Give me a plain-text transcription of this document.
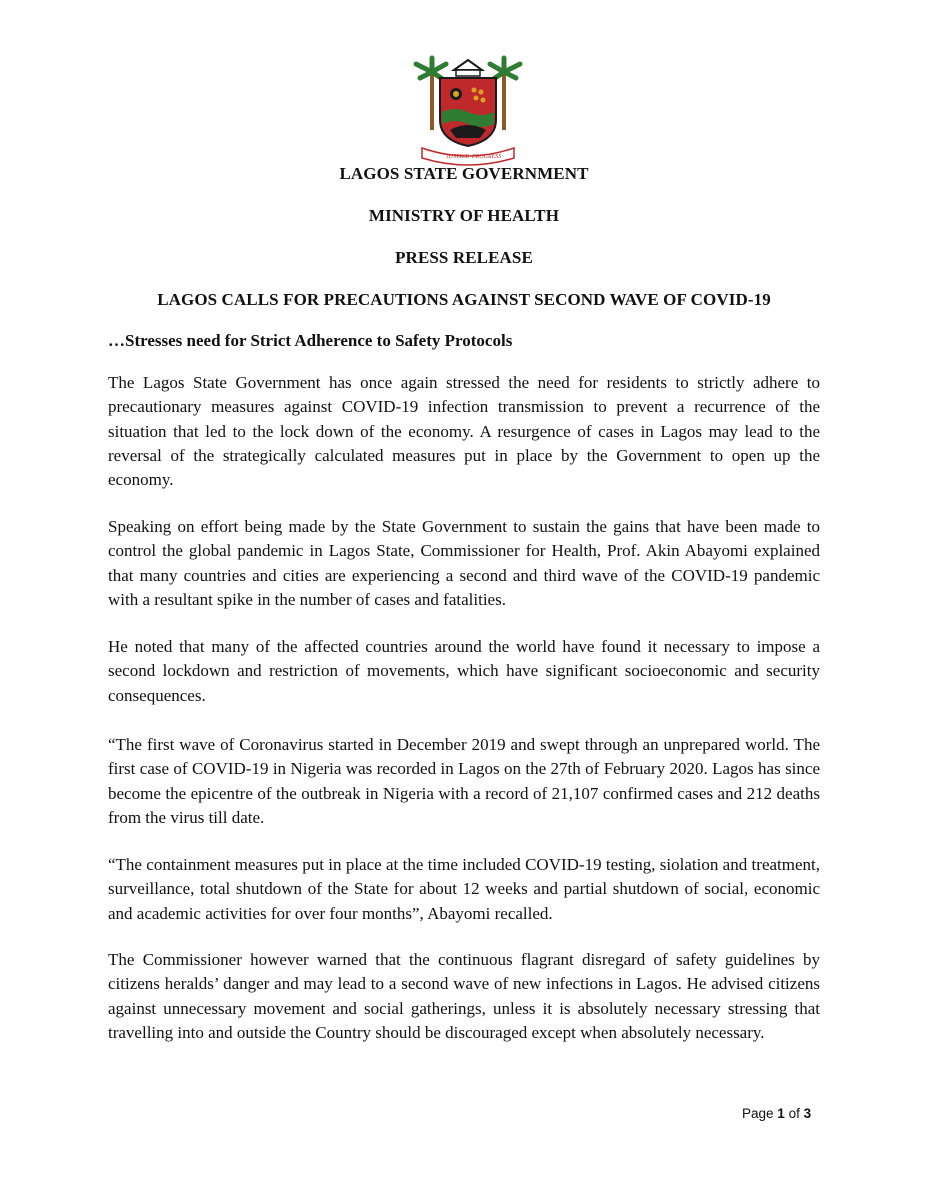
JUSTICE PROGRESS
LAGOS STATE GOVERNMENT
MINISTRY OF HEALTH
PRESS RELEASE
LAGOS CALLS FOR PRECAUTIONS AGAINST SECOND WAVE OF COVID-19
…Stresses need for Strict Adherence to Safety Protocols

The Lagos State Government has once again stressed the need for residents to strictly adhere to precautionary measures against COVID-19 infection transmission to prevent a recurrence of the situation that led to the lock down of the economy. A resurgence of cases in Lagos may lead to the reversal of the strategically calculated measures put in place by the Government to open up the economy.

Speaking on effort being made by the State Government to sustain the gains that have been made to control the global pandemic in Lagos State, Commissioner for Health, Prof. Akin Abayomi explained that many countries and cities are experiencing a second and third wave of the COVID-19 pandemic with a resultant spike in the number of cases and fatalities.

He noted that many of the affected countries around the world have found it necessary to impose a second lockdown and restriction of movements, which have significant socioeconomic and security consequences.

“The first wave of Coronavirus started in December 2019 and swept through an unprepared world. The first case of COVID-19 in Nigeria was recorded in Lagos on the 27th of February 2020. Lagos has since become the epicentre of the outbreak in Nigeria with a record of 21,107 confirmed cases and 212 deaths from the virus till date.

“The containment measures put in place at the time included COVID-19 testing, siolation and treatment, surveillance, total shutdown of the State for about 12 weeks and partial shutdown of social, economic and academic activities for over four months”, Abayomi recalled.

The Commissioner however warned that the continuous flagrant disregard of safety guidelines by citizens heralds’ danger and may lead to a second wave of new infections in Lagos. He advised citizens against unnecessary movement and social gatherings, unless it is absolutely necessary stressing that travelling into and outside the Country should be discouraged except when absolutely necessary.

Page 1 of 3
